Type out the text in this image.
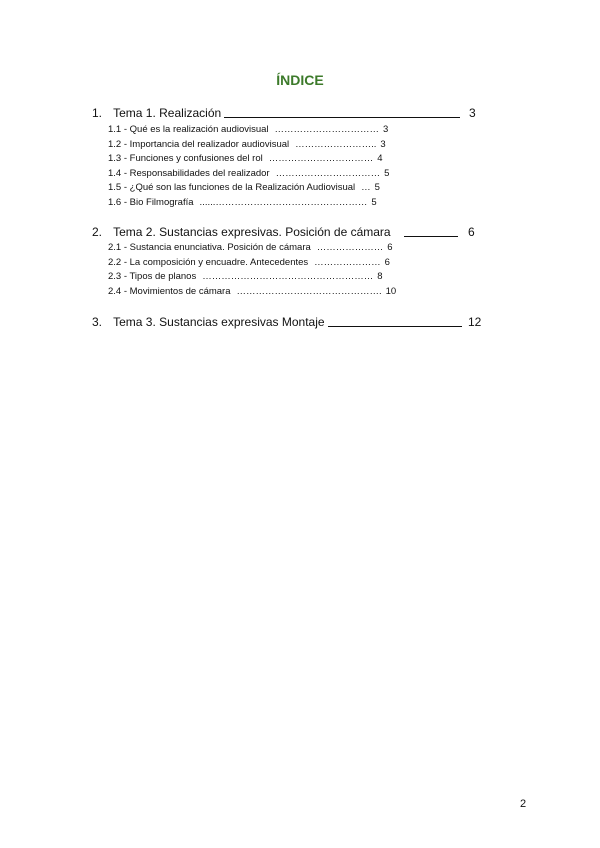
ÍNDICE
1. Tema 1. Realización	3
1.1 - Qué es la realización audiovisual …………………………… 3
1.2 - Importancia del realizador audiovisual …………………….. 3
1.3 - Funciones y confusiones del rol …………………………… 4
1.4 - Responsabilidades del realizador …………………………… 5
1.5 - ¿Qué son las funciones de la Realización Audiovisual … 5
1.6 - Bio Filmografía ......………………………………………… 5
2. Tema 2. Sustancias expresivas. Posición de cámara	6
2.1 - Sustancia enunciativa. Posición de cámara ………………… 6
2.2 - La composición y encuadre. Antecedentes ………………… 6
2.3 - Tipos de planos ……………………………………………… 8
2.4 - Movimientos de cámara ………………………………………. 10
3. Tema 3. Sustancias expresivas Montaje	12
2
